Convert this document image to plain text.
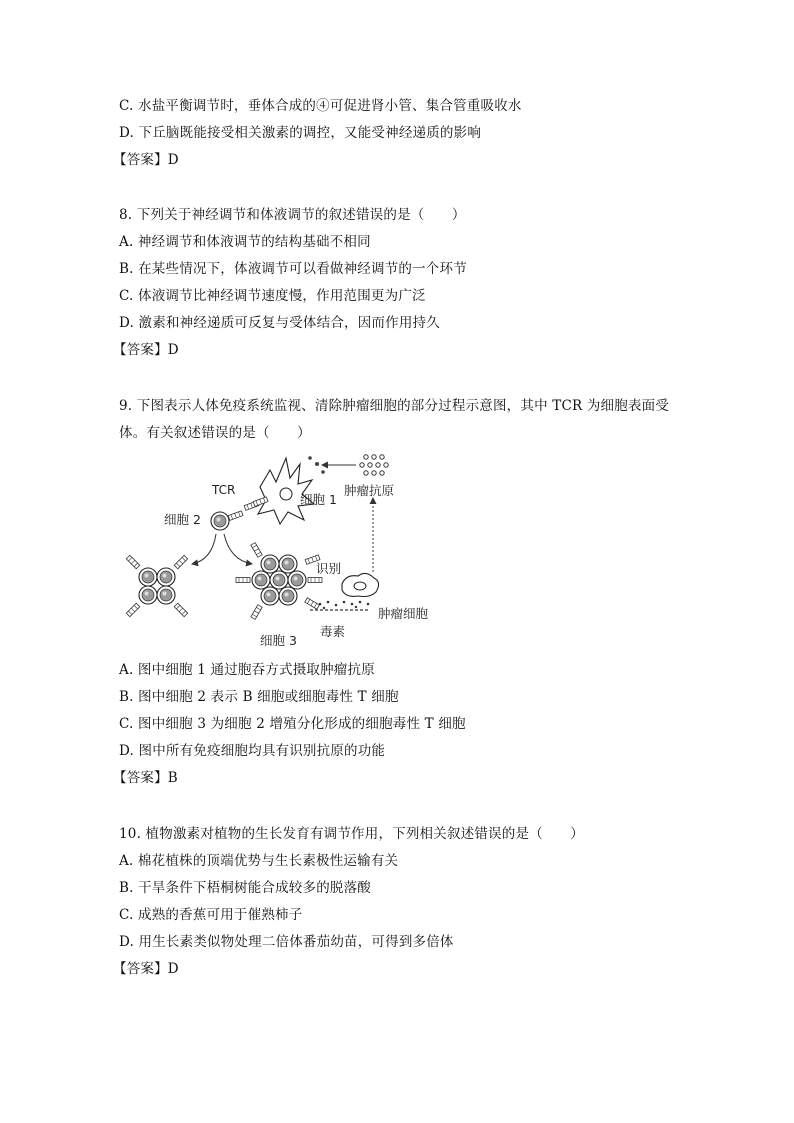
C. 水盐平衡调节时，垂体合成的④可促进肾小管、集合管重吸收水
D. 下丘脑既能接受相关激素的调控，又能受神经递质的影响
【答案】D
8. 下列关于神经调节和体液调节的叙述错误的是（　　）
A. 神经调节和体液调节的结构基础不相同
B. 在某些情况下，体液调节可以看做神经调节的一个环节
C. 体液调节比神经调节速度慢，作用范围更为广泛
D. 激素和神经递质可反复与受体结合，因而作用持久
【答案】D
9. 下图表示人体免疫系统监视、清除肿瘤细胞的部分过程示意图，其中 TCR 为细胞表面受
体。有关叙述错误的是（　　）
TCR
细胞 1
细胞 2
肿瘤抗原
识别
肿瘤细胞
毒素
细胞 3
A. 图中细胞 1 通过胞吞方式摄取肿瘤抗原
B. 图中细胞 2 表示 B 细胞或细胞毒性 T 细胞
C. 图中细胞 3 为细胞 2 增殖分化形成的细胞毒性 T 细胞
D. 图中所有免疫细胞均具有识别抗原的功能
【答案】B
10. 植物激素对植物的生长发育有调节作用，下列相关叙述错误的是（　　）
A. 棉花植株的顶端优势与生长素极性运输有关
B. 干旱条件下梧桐树能合成较多的脱落酸
C. 成熟的香蕉可用于催熟柿子
D. 用生长素类似物处理二倍体番茄幼苗，可得到多倍体
【答案】D
